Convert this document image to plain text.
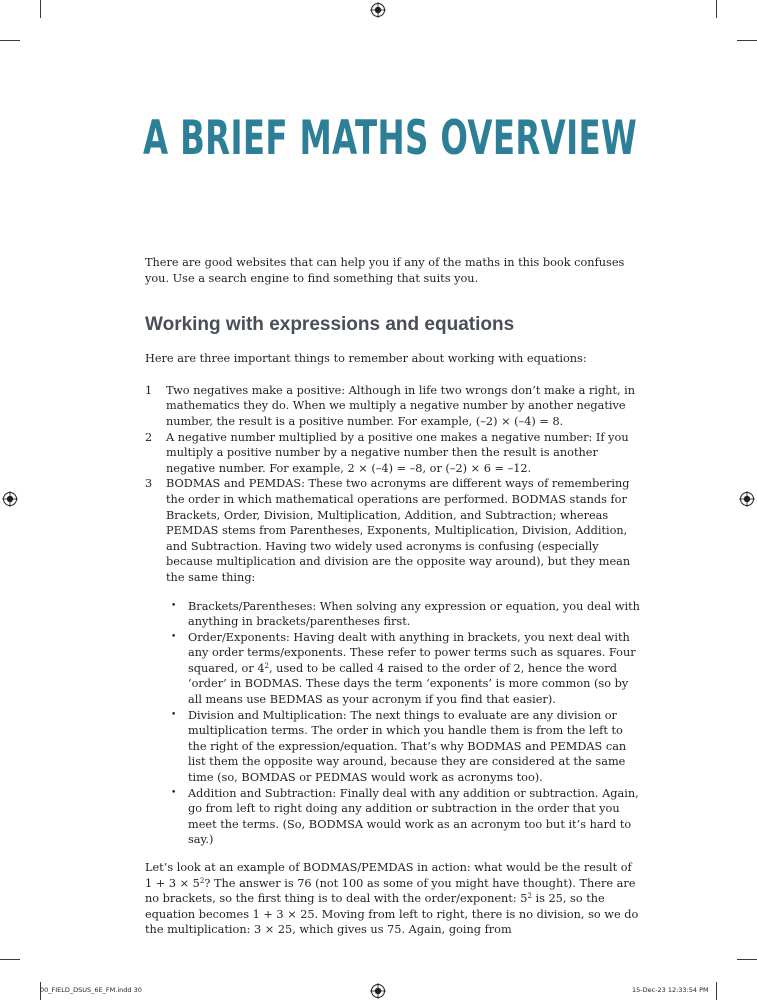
A BRIEF MATHS OVERVIEW

There are good websites that can help you if any of the maths in this book confuses you. Use a search engine to find something that suits you.

Working with expressions and equations

Here are three important things to remember about working with equations:

1 Two negatives make a positive: Although in life two wrongs don’t make a right, in mathematics they do. When we multiply a negative number by another negative number, the result is a positive number. For example, (–2) × (–4) = 8.
2 A negative number multiplied by a positive one makes a negative number: If you multiply a positive number by a negative number then the result is another negative number. For example, 2 × (–4) = –8, or (–2) × 6 = –12.
3 BODMAS and PEMDAS: These two acronyms are different ways of remembering the order in which mathematical operations are performed. BODMAS stands for Brackets, Order, Division, Multiplication, Addition, and Subtraction; whereas PEMDAS stems from Parentheses, Exponents, Multiplication, Division, Addition, and Subtraction. Having two widely used acronyms is confusing (especially because multiplication and division are the opposite way around), but they mean the same thing:
• Brackets/Parentheses: When solving any expression or equation, you deal with anything in brackets/parentheses first.
• Order/Exponents: Having dealt with anything in brackets, you next deal with any order terms/exponents. These refer to power terms such as squares. Four squared, or $4^2$, used to be called 4 raised to the order of 2, hence the word ‘order’ in BODMAS. These days the term ‘exponents’ is more common (so by all means use BEDMAS as your acronym if you find that easier).
• Division and Multiplication: The next things to evaluate are any division or multiplication terms. The order in which you handle them is from the left to the right of the expression/equation. That’s why BODMAS and PEMDAS can list them the opposite way around, because they are considered at the same time (so, BOMDAS or PEDMAS would work as acronyms too).
• Addition and Subtraction: Finally deal with any addition or subtraction. Again, go from left to right doing any addition or subtraction in the order that you meet the terms. (So, BODMSA would work as an acronym too but it’s hard to say.)

Let’s look at an example of BODMAS/PEMDAS in action: what would be the result of $1 + 3 \times 5^2$? The answer is 76 (not 100 as some of you might have thought). There are no brackets, so the first thing is to deal with the order/exponent: $5^2$ is 25, so the equation becomes 1 + 3 × 25. Moving from left to right, there is no division, so we do the multiplication: 3 × 25, which gives us 75. Again, going from

00_FIELD_DSUS_6E_FM.indd 30	15-Dec-23 12:33:54 PM
